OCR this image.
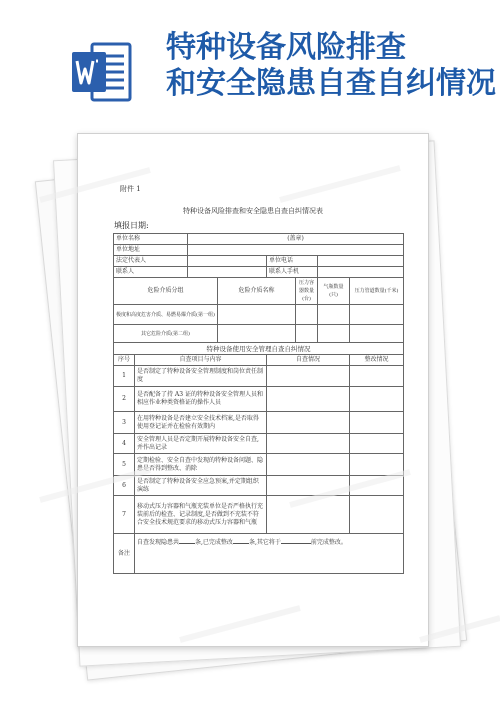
特种设备风险排查
和安全隐患自查自纠情况
附件 1
特种设备风险排查和安全隐患自查自纠情况表
填报日期:
单位名称		(盖章)					
单位地址							
法定代表人				单位电话			
联系人				联系人手机			
危险介质分组			危险介质名称		压力容器数量(台)	气瓶数量(只)	压力管道数量(千米)
极度和高度危害介质、易燃易爆介质(第一组)							
其它危险介质(第二组)							
特种设备使用安全管理自查自纠情况							
序号	自查项目与内容			自查情况			整改情况
1	是否制定了特种设备安全管理制度和岗位责任制度						
2	是否配备了持 A3 证的特种设备安全管理人员和相应作业种类资格证的操作人员						
3	在用特种设备是否建立安全技术档案,是否取得使用登记证并在检验有效期内						
4	安全管理人员是否定期开展特种设备安全自查,并作出记录						
5	定期检验、安全自查中发现的特种设备问题、隐患是否得到整改、消除						
6	是否制定了特种设备安全应急预案,并定期组织演练						
7	移动式压力容器和气瓶充装单位是否严格执行充装前后的检查、记录制度,是否做到不充装不符合安全技术规范要求的移动式压力容器和气瓶						
备注	自查发现隐患共 条,已完成整改 条,其它将于 前完成整改。						
